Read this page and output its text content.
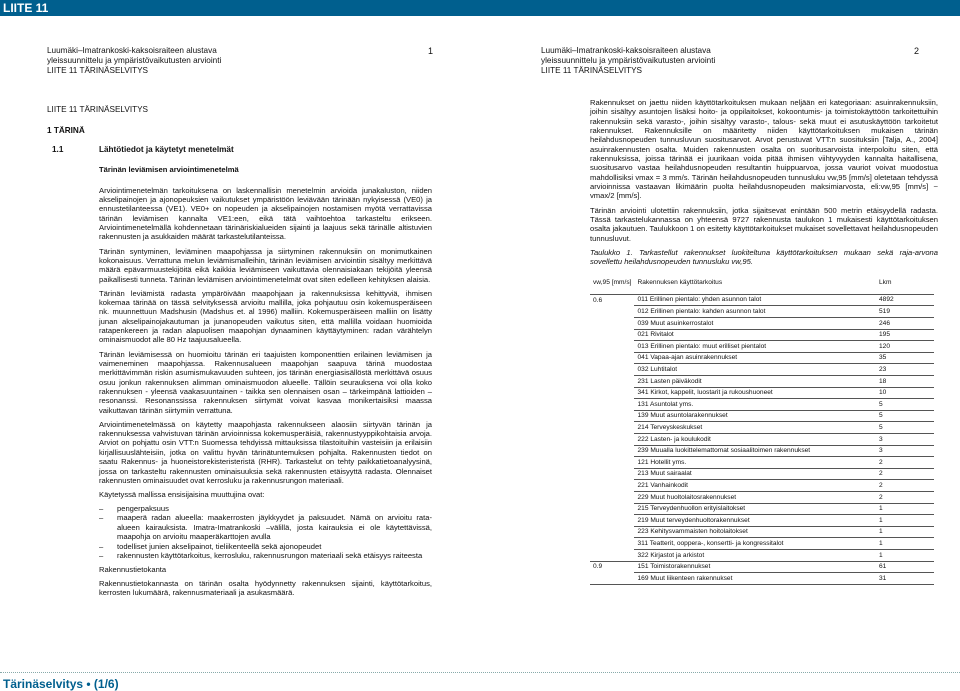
LIITE 11
Luumäki–Imatrankoski-kaksoisraiteen alustava
yleissuunnittelu ja ympäristövaikutusten arviointi
LIITE 11 TÄRINÄSELVITYS
1	Luumäki–Imatrankoski-kaksoisraiteen alustava
yleissuunnittelu ja ympäristövaikutusten arviointi
LIITE 11 TÄRINÄSELVITYS
2
LIITE 11 TÄRINÄSELVITYS
1 TÄRINÄ
1.1	Lähtötiedot ja käytetyt menetelmät
Tärinän leviämisen arviointimenetelmä

Arviointimenetelmän tarkoituksena on laskennallisin menetelmin arvioida junakaluston, niiden akselipainojen ja ajonopeuksien vaikutukset ympäristöön leviävään tärinään nykyisessä (VE0) ja ennustetilanteessa (VE1). VE0+ on nopeuden ja akselipainojen nostamisen myötä verrattavissa tärinän leviämisen kannalta VE1:een, eikä tätä vaihtoehtoa tarkasteltu erikseen. Arviointimenetelmällä kohdennetaan tärinäriskialueiden sijainti ja laajuus sekä tärinälle altistuvien rakennusten ja asukkaiden määrät tarkastelutilanteissa.

Tärinän syntyminen, leviäminen maapohjassa ja siirtyminen rakennuksiin on monimutkainen kokonaisuus. Verrattuna melun leviämismalleihin, tärinän leviämisen arviointiin sisältyy merkittävä määrä epävarmuustekijöitä eikä kaikkia leviämiseen vaikuttavia olennaisiakaan tekijöitä yleensä paikallisesti tunneta. Tärinän leviämisen arviointimenetelmät ovat siten edelleen kehityksen alaisia.

Tärinän leviämistä radasta ympäröivään maapohjaan ja rakennuksissa kehittyviä, ihmisen kokemaa tärinää on tässä selvityksessä arvioitu mallilla, joka pohjautuu osin kokemusperäiseen nk. muunnettuun Madshusin (Madshus et. al 1996) malliin. Kokemusperäiseen malliin on lisätty junan akselipainojakautuman ja junanopeuden vaikutus siten, että mallilla voidaan huomioida ratapenkereen ja radan alapuolisen maapohjan dynaaminen käyttäytyminen: radan värähtelyn ominaismuodot alle 80 Hz taajuusalueella.

Tärinän leviämisessä on huomioitu tärinän eri taajuisten komponenttien erilainen leviämisen ja vaimeneminen maapohjassa. Rakennusalueen maapohjan saapuva tärinä muodostaa merkittävimmän riskin asumismukavuuden suhteen, jos tärinän energiasisällöstä merkittävä osuus osuu jonkun rakennuksen alimman ominaismuodon alueelle. Tällöin seurauksena voi olla koko rakennuksen - yleensä vaakasuuntainen - taikka sen olennaisen osan – tärkeimpänä lattioiden – resonanssi. Resonanssissa rakennuksen siirtymät voivat kasvaa monikertaisiksi maassa vaikuttavan tärinän siirtymiin verrattuna.

Arviointimenetelmässä on käytetty maapohjasta rakennukseen alaosiin siirtyvän tärinän ja rakennuksessa vahvistuvan tärinän arvioinnissa kokemusperäisiä, rakennustyyppikohtaisia arvoja. Arviot on pohjattu osin VTT:n Suomessa tehdyissä mittauksissa tilastoituihin vasteisiin ja erilaisiin kirjallisuuslähteisiin, jotka on valittu hyvän tärinätuntemuksen pohjalta. Rakennusten tiedot on saatu Rakennus- ja huoneistorekisteristeristä (RHR). Tarkastelut on tehty paikkatietoanalyysinä, jossa on tarkasteltu rakennusten ominaisuuksia sekä rakennusten etäisyyttä radasta. Olennaiset rakennusten ominaisuudet ovat kerrosluku ja rakennusrungon materiaali.

Käytetyssä mallissa ensisijaisina muuttujina ovat:

– pengerpaksuus
– maaperä radan alueella: maakerrosten jäykkyydet ja paksuudet. Nämä on arvioitu rata-alueen kairauksista. Imatra-Imatrankoski –välillä, josta kairauksia ei ole käytettävissä, maapohja on arvioitu maaperäkarttojen avulla
– todelliset junien akselipainot, tieliikenteellä sekä ajonopeudet
– rakennusten käyttötarkoitus, kerrosluku, rakennusrungon materiaali sekä etäisyys raiteesta

Rakennustietokanta

Rakennustietokannasta on tärinän osalta hyödynnetty rakennuksen sijainti, käyttötarkoitus, kerrosten lukumäärä, rakennusmateriaali ja asukasmäärä.

Rakennukset on jaettu niiden käyttötarkoituksen mukaan neljään eri kategoriaan: asuinrakennuksiin, joihin sisältyy asuntojen lisäksi hoito- ja oppilaitokset, kokoontumis- ja toimistokäyttöön tarkoitettuihin rakennuksiin sekä varasto-, joihin sisältyy varasto-, talous- sekä muut ei asutuskäyttöön tarkoitetut rakennukset. Rakennuksille on määritetty niiden käyttötarkoituksen mukaisen tärinän heilahdusnopeuden tunnusluvun suositusarvot. Arvot perustuvat VTT:n suosituksiin [Talja, A., 2004] asuinrakennusten osalta. Muiden rakennusten osalta on suoritusarvoista interpoloitu siten, että rakennuksissa, joissa tärinää ei juurikaan voida pitää ihmisen viihtyvyyden kannalta haitallisena, suositusarvo vastaa heilahdusnopeuden resultantin huippuarvoa, jossa vauriot voivat muodostua mahdollisiksi vmax = 3 mm/s. Tärinän heilahdusnopeuden tunnusluku vw,95 [mm/s] oletetaan tehdyssä arvioinnissa vastaavan likimäärin puolta heilahdusnopeuden maksimiarvosta, eli:vw,95 [mm/s] ~ vmax/2 [mm/s].

Tärinän arviointi ulotettiin rakennuksiin, jotka sijaitsevat enintään 500 metrin etäisyydellä radasta. Tässä tarkastelukannassa on yhteensä 9727 rakennusta taulukon 1 mukaisesti käyttötarkoituksen osalta jakautuen. Taulukkoon 1 on esitetty käyttötarkoitukset mukaiset sovellettavat heilahdusnopeuden tunnusluvut.

Taulukko 1. Tarkastellut rakennukset luokiteltuna käyttötarkoituksen mukaan sekä raja-arvona sovellettu heilahdusnopeuden tunnusluku vw,95.
vw,95 [mm/s]	Rakennuksen käyttötarkoitus	Lkm
0.6	011 Erillinen pientalo: yhden asunnon talot	4892
	012 Erillinen pientalo: kahden asunnon talot	519
	039 Muut asuinkerrostalot	246
	021 Rivitalot	195
	013 Erillinen pientalo: muut erilliset pientalot	120
	041 Vapaa-ajan asuinrakennukset	35
	032 Luhtitalot	23
	231 Lasten päiväkodit	18
	341 Kirkot, kappelit, luostarit ja rukoushuoneet	10
	131 Asuntolat yms.	5
	139 Muut asuntolarakennukset	5
	214 Terveyskeskukset	5
	222 Lasten- ja koulukodit	3
	239 Muualla luokittelemattomat sosiaalitoimen rakennukset	3
	121 Hotellit yms.	2
	213 Muut sairaalat	2
	221 Vanhainkodit	2
	229 Muut huoltolaitosrakennukset	2
	215 Terveydenhuollon erityislaitokset	1
	219 Muut terveydenhuoltorakennukset	1
	223 Kehitysvammaisten hoitolaitokset	1
	311 Teatterit, ooppera-, konsertti- ja kongressitalot	1
	322 Kirjastot ja arkistot	1
0.9	151 Toimistorakennukset	61
	169 Muut liikenteen rakennukset	31
Tärinäselvitys • (1/6)
